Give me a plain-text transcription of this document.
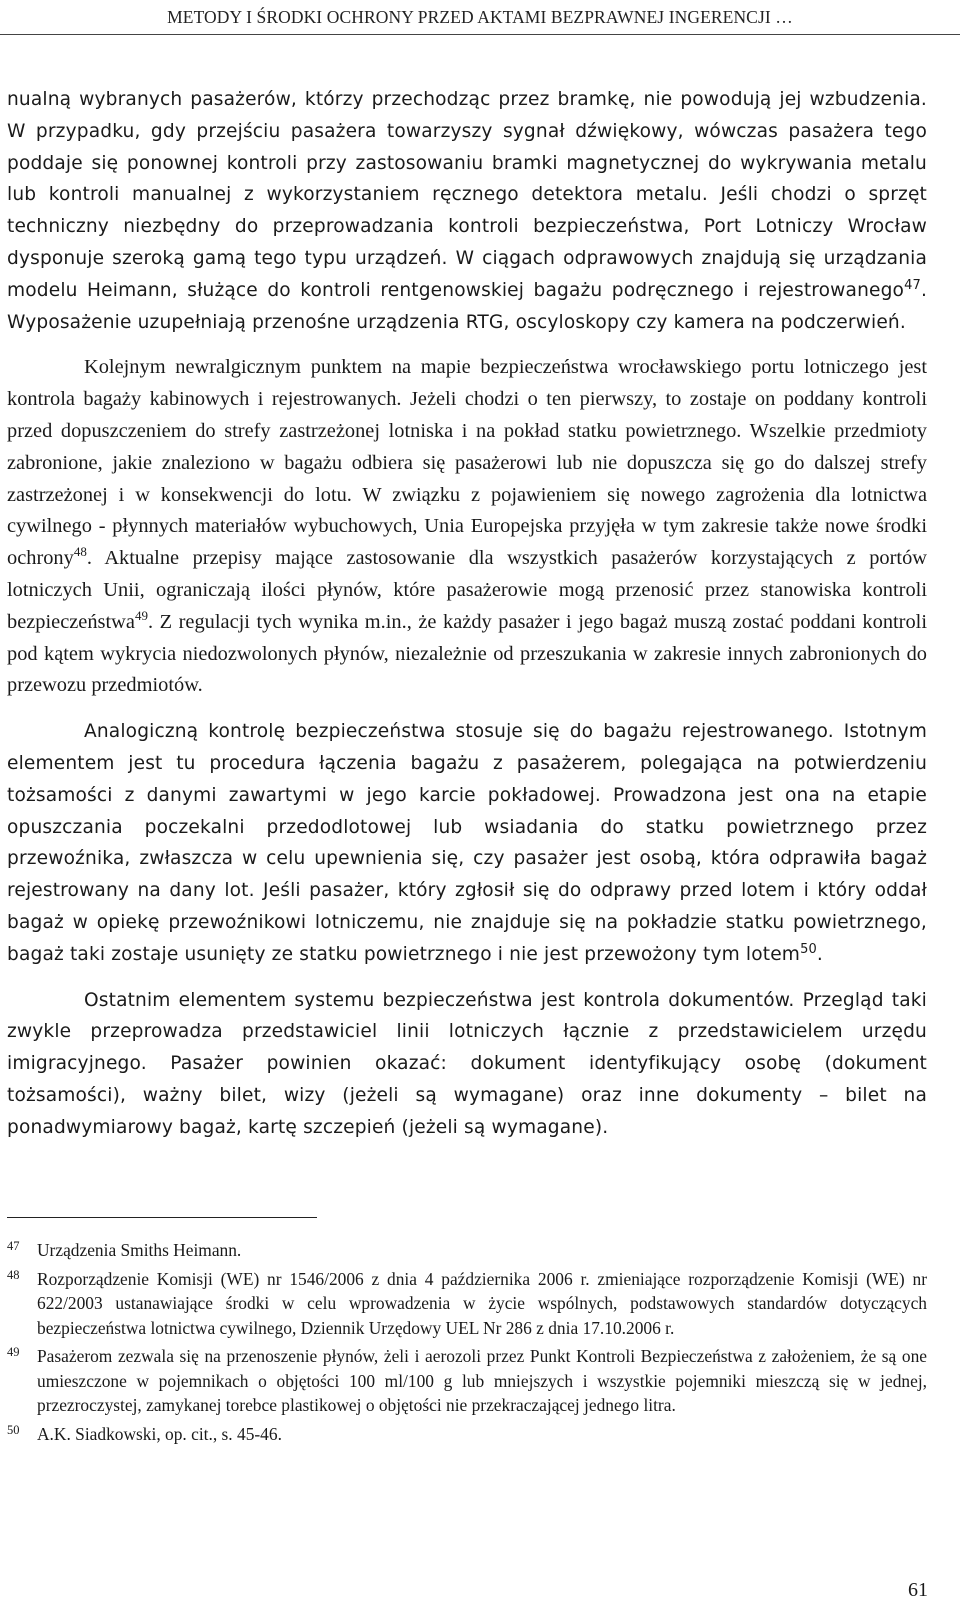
METODY I ŚRODKI OCHRONY PRZED AKTAMI BEZPRAWNEJ INGERENCJI …

nualną wybranych pasażerów, którzy przechodząc przez bramkę, nie powodują jej wzbudzenia. W przypadku, gdy przejściu pasażera towarzyszy sygnał dźwiękowy, wówczas pasażera tego poddaje się ponownej kontroli przy zastosowaniu bramki magnetycznej do wykrywania metalu lub kontroli manualnej z wykorzystaniem ręcznego detektora metalu. Jeśli chodzi o sprzęt techniczny niezbędny do przeprowadzania kontroli bezpieczeństwa, Port Lotniczy Wrocław dysponuje szeroką gamą tego typu urządzeń. W ciągach odprawowych znajdują się urządzania modelu Heimann, służące do kontroli rentgenowskiej bagażu podręcznego i rejestrowanego$^{47}$. Wyposażenie uzupełniają przenośne urządzenia RTG, oscyloskopy czy kamera na podczerwień.

Kolejnym newralgicznym punktem na mapie bezpieczeństwa wrocławskiego portu lotniczego jest kontrola bagaży kabinowych i rejestrowanych. Jeżeli chodzi o ten pierwszy, to zostaje on poddany kontroli przed dopuszczeniem do strefy zastrzeżonej lotniska i na pokład statku powietrznego. Wszelkie przedmioty zabronione, jakie znaleziono w bagażu odbiera się pasażerowi lub nie dopuszcza się go do dalszej strefy zastrzeżonej i w konsekwencji do lotu. W związku z pojawieniem się nowego zagrożenia dla lotnictwa cywilnego - płynnych materiałów wybuchowych, Unia Europejska przyjęła w tym zakresie także nowe środki ochrony$^{48}$. Aktualne przepisy mające zastosowanie dla wszystkich pasażerów korzystających z portów lotniczych Unii, ograniczają ilości płynów, które pasażerowie mogą przenosić przez stanowiska kontroli bezpieczeństwa$^{49}$. Z regulacji tych wynika m.in., że każdy pasażer i jego bagaż muszą zostać poddani kontroli pod kątem wykrycia niedozwolonych płynów, niezależnie od przeszukania w zakresie innych zabronionych do przewozu przedmiotów.

Analogiczną kontrolę bezpieczeństwa stosuje się do bagażu rejestrowanego. Istotnym elementem jest tu procedura łączenia bagażu z pasażerem, polegająca na potwierdzeniu tożsamości z danymi zawartymi w jego karcie pokładowej. Prowadzona jest ona na etapie opuszczania poczekalni przedodlotowej lub wsiadania do statku powietrznego przez przewoźnika, zwłaszcza w celu upewnienia się, czy pasażer jest osobą, która odprawiła bagaż rejestrowany na dany lot. Jeśli pasażer, który zgłosił się do odprawy przed lotem i który oddał bagaż w opiekę przewoźnikowi lotniczemu, nie znajduje się na pokładzie statku powietrznego, bagaż taki zostaje usunięty ze statku powietrznego i nie jest przewożony tym lotem$^{50}$.

Ostatnim elementem systemu bezpieczeństwa jest kontrola dokumentów. Przegląd taki zwykle przeprowadza przedstawiciel linii lotniczych łącznie z przedstawicielem urzędu imigracyjnego. Pasażer powinien okazać: dokument identyfikujący osobę (dokument tożsamości), ważny bilet, wizy (jeżeli są wymagane) oraz inne dokumenty – bilet na ponadwymiarowy bagaż, kartę szczepień (jeżeli są wymagane).

47	Urządzenia Smiths Heimann.
48	Rozporządzenie Komisji (WE) nr 1546/2006 z dnia 4 października 2006 r. zmieniające rozporządzenie Komisji (WE) nr 622/2003 ustanawiające środki w celu wprowadzenia w życie wspólnych, podstawowych standardów dotyczących bezpieczeństwa lotnictwa cywilnego, Dziennik Urzędowy UEL Nr 286 z dnia 17.10.2006 r.
49	Pasażerom zezwala się na przenoszenie płynów, żeli i aerozoli przez Punkt Kontroli Bezpieczeństwa z założeniem, że są one umieszczone w pojemnikach o objętości 100 ml/100 g lub mniejszych i wszystkie pojemniki mieszczą się w jednej, przezroczystej, zamykanej torebce plastikowej o objętości nie przekraczającej jednego litra.
50	A.K. Siadkowski, op. cit., s. 45-46.
61
